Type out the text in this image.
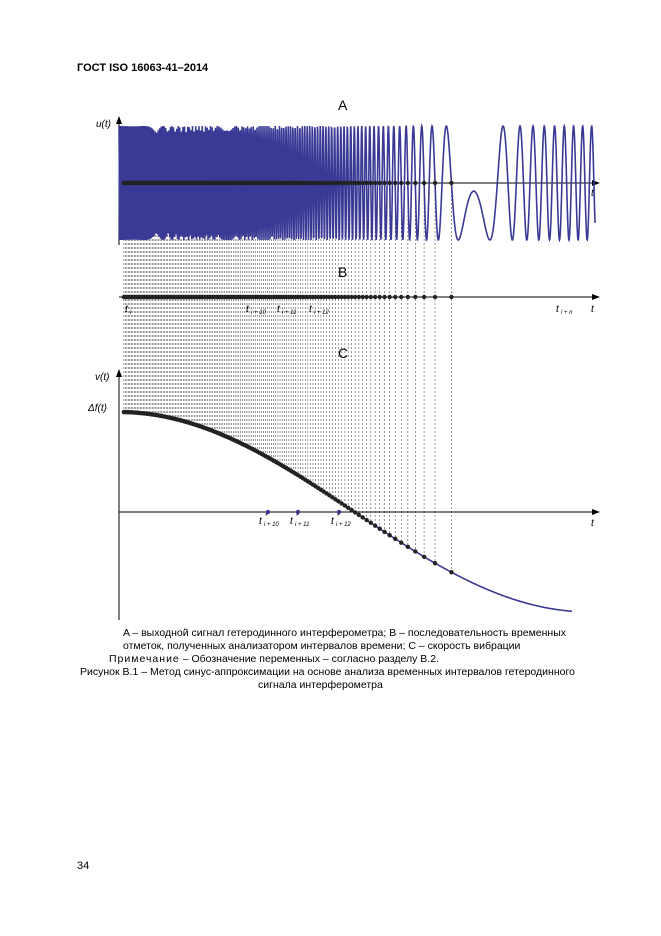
ГОСТ ISO 16063-41–2014
A
u(t)
t
B
t
t i	t i + 10 t i + 11 t i + 12	t i + n
C
v(t)
Δf(t)
t
t *
i + 10 t *
i + 11 t *
i + 12
A – выходной сигнал гетеродинного интерферометра; B – последовательность временных
отметок, полученных анализатором интервалов времени; C – скорость вибрации
Примечание – Обозначение переменных – согласно разделу В.2.
Рисунок В.1 – Метод синус-аппроксимации на основе анализа временных интервалов гетеродинного
сигнала интерферометра
34
